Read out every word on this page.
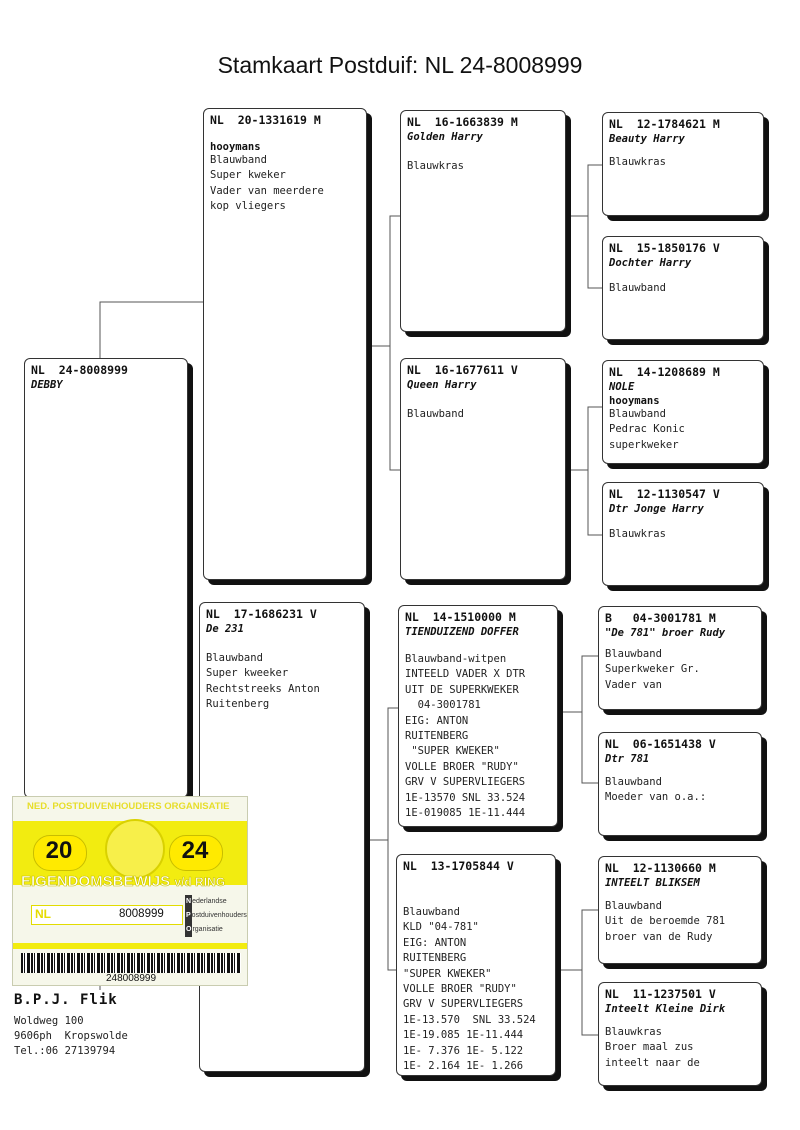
Stamkaart Postduif: NL 24-8008999
NL  24-8008999
DEBBY
NL  20-1331619 M
hooymans
Blauwband
Super kweker
Vader van meerdere
kop vliegers
NL  17-1686231 V
De 231
Blauwband
Super kweeker
Rechtstreeks Anton
Ruitenberg
NL  16-1663839 M
Golden Harry
Blauwkras
NL  16-1677611 V
Queen Harry
Blauwband
NL  14-1510000 M
TIENDUIZEND DOFFER
Blauwband-witpen
INTEELD VADER X DTR
UIT DE SUPERKWEKER
04-3001781
EIG: ANTON
RUITENBERG
"SUPER KWEKER"
VOLLE BROER "RUDY"
GRV V SUPERVLIEGERS
1E-13570 SNL 33.524
1E-019085 1E-11.444
NL  13-1705844 V
Blauwband
KLD "04-781"
EIG: ANTON
RUITENBERG
"SUPER KWEKER"
VOLLE BROER "RUDY"
GRV V SUPERVLIEGERS
1E-13.570  SNL 33.524
1E-19.085 1E-11.444
1E- 7.376 1E- 5.122
1E- 2.164 1E- 1.266
NL  12-1784621 M
Beauty Harry
Blauwkras
NL  15-1850176 V
Dochter Harry
Blauwband
NL  14-1208689 M
NOLE
hooymans
Blauwband
Pedrac Konic
superkweker
NL  12-1130547 V
Dtr Jonge Harry
Blauwkras
B   04-3001781 M
"De 781" broer Rudy
Blauwband
Superkweker Gr.
Vader van
NL  06-1651438 V
Dtr 781
Blauwband
Moeder van o.a.:
NL  12-1130660 M
INTEELT BLIKSEM
Blauwband
Uit de beroemde 781
broer van de Rudy
NL  11-1237501 V
Inteelt Kleine Dirk
Blauwkras
Broer maal zus
inteelt naar de
NED. POSTDUIVENHOUDERS ORGANISATIE
20	24
EIGENDOMSBEWIJS v/d RING
NL	8008999
Nederlandse
Postduivenhouders
Organisatie
248008999
B.P.J. Flik
Woldweg 100
9606ph  Kropswolde
Tel.:06 27139794
